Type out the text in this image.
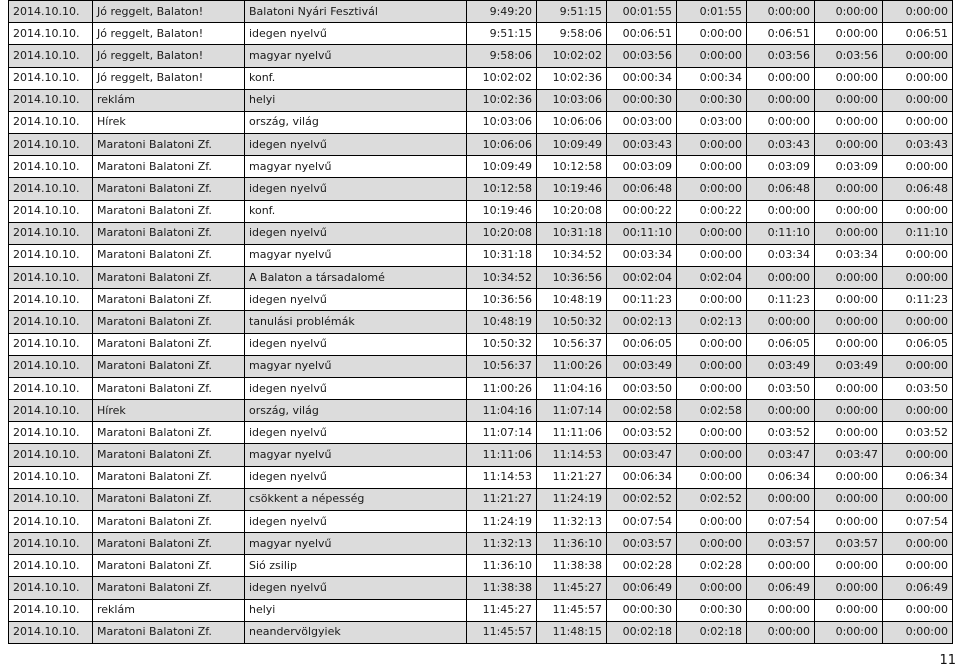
2014.10.10.	Jó reggelt, Balaton!	Balatoni Nyári Fesztivál	9:49:20	9:51:15	00:01:55	0:01:55	0:00:00	0:00:00	0:00:00
2014.10.10.	Jó reggelt, Balaton!	idegen nyelvű	9:51:15	9:58:06	00:06:51	0:00:00	0:06:51	0:00:00	0:06:51
2014.10.10.	Jó reggelt, Balaton!	magyar nyelvű	9:58:06	10:02:02	00:03:56	0:00:00	0:03:56	0:03:56	0:00:00
2014.10.10.	Jó reggelt, Balaton!	konf.	10:02:02	10:02:36	00:00:34	0:00:34	0:00:00	0:00:00	0:00:00
2014.10.10.	reklám	helyi	10:02:36	10:03:06	00:00:30	0:00:30	0:00:00	0:00:00	0:00:00
2014.10.10.	Hírek	ország, világ	10:03:06	10:06:06	00:03:00	0:03:00	0:00:00	0:00:00	0:00:00
2014.10.10.	Maratoni Balatoni Zf.	idegen nyelvű	10:06:06	10:09:49	00:03:43	0:00:00	0:03:43	0:00:00	0:03:43
2014.10.10.	Maratoni Balatoni Zf.	magyar nyelvű	10:09:49	10:12:58	00:03:09	0:00:00	0:03:09	0:03:09	0:00:00
2014.10.10.	Maratoni Balatoni Zf.	idegen nyelvű	10:12:58	10:19:46	00:06:48	0:00:00	0:06:48	0:00:00	0:06:48
2014.10.10.	Maratoni Balatoni Zf.	konf.	10:19:46	10:20:08	00:00:22	0:00:22	0:00:00	0:00:00	0:00:00
2014.10.10.	Maratoni Balatoni Zf.	idegen nyelvű	10:20:08	10:31:18	00:11:10	0:00:00	0:11:10	0:00:00	0:11:10
2014.10.10.	Maratoni Balatoni Zf.	magyar nyelvű	10:31:18	10:34:52	00:03:34	0:00:00	0:03:34	0:03:34	0:00:00
2014.10.10.	Maratoni Balatoni Zf.	A Balaton a társadalomé	10:34:52	10:36:56	00:02:04	0:02:04	0:00:00	0:00:00	0:00:00
2014.10.10.	Maratoni Balatoni Zf.	idegen nyelvű	10:36:56	10:48:19	00:11:23	0:00:00	0:11:23	0:00:00	0:11:23
2014.10.10.	Maratoni Balatoni Zf.	tanulási problémák	10:48:19	10:50:32	00:02:13	0:02:13	0:00:00	0:00:00	0:00:00
2014.10.10.	Maratoni Balatoni Zf.	idegen nyelvű	10:50:32	10:56:37	00:06:05	0:00:00	0:06:05	0:00:00	0:06:05
2014.10.10.	Maratoni Balatoni Zf.	magyar nyelvű	10:56:37	11:00:26	00:03:49	0:00:00	0:03:49	0:03:49	0:00:00
2014.10.10.	Maratoni Balatoni Zf.	idegen nyelvű	11:00:26	11:04:16	00:03:50	0:00:00	0:03:50	0:00:00	0:03:50
2014.10.10.	Hírek	ország, világ	11:04:16	11:07:14	00:02:58	0:02:58	0:00:00	0:00:00	0:00:00
2014.10.10.	Maratoni Balatoni Zf.	idegen nyelvű	11:07:14	11:11:06	00:03:52	0:00:00	0:03:52	0:00:00	0:03:52
2014.10.10.	Maratoni Balatoni Zf.	magyar nyelvű	11:11:06	11:14:53	00:03:47	0:00:00	0:03:47	0:03:47	0:00:00
2014.10.10.	Maratoni Balatoni Zf.	idegen nyelvű	11:14:53	11:21:27	00:06:34	0:00:00	0:06:34	0:00:00	0:06:34
2014.10.10.	Maratoni Balatoni Zf.	csökkent a népesség	11:21:27	11:24:19	00:02:52	0:02:52	0:00:00	0:00:00	0:00:00
2014.10.10.	Maratoni Balatoni Zf.	idegen nyelvű	11:24:19	11:32:13	00:07:54	0:00:00	0:07:54	0:00:00	0:07:54
2014.10.10.	Maratoni Balatoni Zf.	magyar nyelvű	11:32:13	11:36:10	00:03:57	0:00:00	0:03:57	0:03:57	0:00:00
2014.10.10.	Maratoni Balatoni Zf.	Sió zsilip	11:36:10	11:38:38	00:02:28	0:02:28	0:00:00	0:00:00	0:00:00
2014.10.10.	Maratoni Balatoni Zf.	idegen nyelvű	11:38:38	11:45:27	00:06:49	0:00:00	0:06:49	0:00:00	0:06:49
2014.10.10.	reklám	helyi	11:45:27	11:45:57	00:00:30	0:00:30	0:00:00	0:00:00	0:00:00
2014.10.10.	Maratoni Balatoni Zf.	neandervölgyiek	11:45:57	11:48:15	00:02:18	0:02:18	0:00:00	0:00:00	0:00:00
11
